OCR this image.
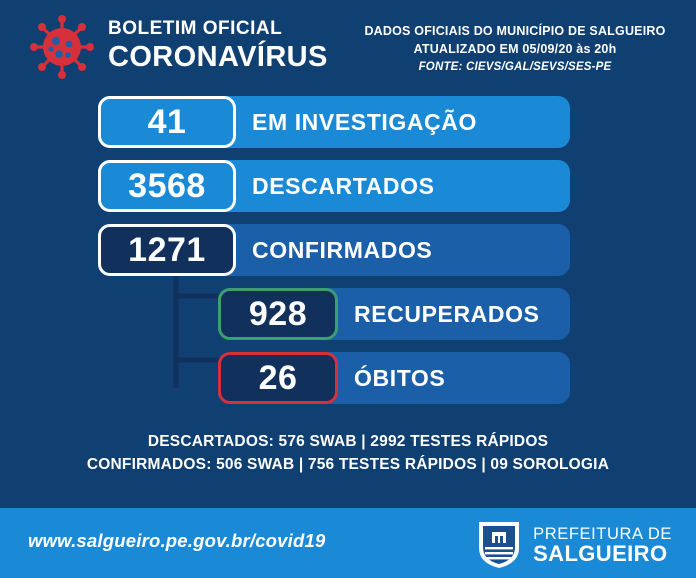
BOLETIM OFICIAL
CORONAVÍRUS
DADOS OFICIAIS DO MUNICÍPIO DE SALGUEIRO
ATUALIZADO EM 05/09/20 às 20h
FONTE: CIEVS/GAL/SEVS/SES-PE
41	EM INVESTIGAÇÃO
3568	DESCARTADOS
1271	CONFIRMADOS
928	RECUPERADOS
26	ÓBITOS
DESCARTADOS: 576 SWAB | 2992 TESTES RÁPIDOS
CONFIRMADOS: 506 SWAB | 756 TESTES RÁPIDOS | 09 SOROLOGIA
www.salgueiro.pe.gov.br/covid19	PREFEITURA DE
SALGUEIRO
